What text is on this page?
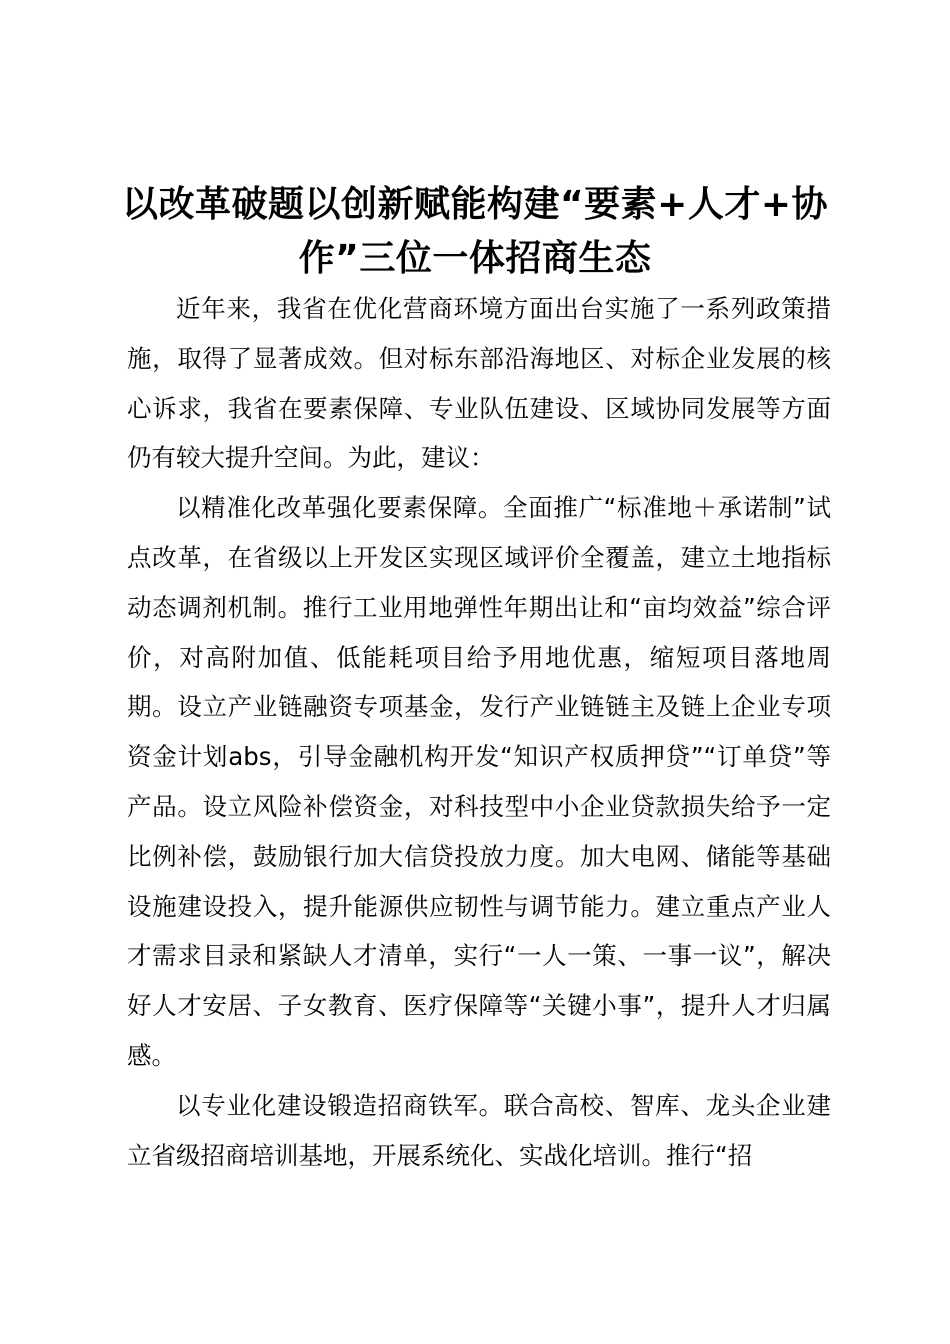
以改革破题以创新赋能构建“要素+人才+协作”三位一体招商生态

近年来，我省在优化营商环境方面出台实施了一系列政策措施，取得了显著成效。但对标东部沿海地区、对标企业发展的核心诉求，我省在要素保障、专业队伍建设、区域协同发展等方面仍有较大提升空间。为此，建议：

以精准化改革强化要素保障。全面推广“标准地＋承诺制”试点改革，在省级以上开发区实现区域评价全覆盖，建立土地指标动态调剂机制。推行工业用地弹性年期出让和“亩均效益”综合评价，对高附加值、低能耗项目给予用地优惠，缩短项目落地周期。设立产业链融资专项基金，发行产业链链主及链上企业专项资金计划abs，引导金融机构开发“知识产权质押贷”“订单贷”等产品。设立风险补偿资金，对科技型中小企业贷款损失给予一定比例补偿，鼓励银行加大信贷投放力度。加大电网、储能等基础设施建设投入，提升能源供应韧性与调节能力。建立重点产业人才需求目录和紧缺人才清单，实行“一人一策、一事一议”，解决好人才安居、子女教育、医疗保障等“关键小事”，提升人才归属感。

以专业化建设锻造招商铁军。联合高校、智库、龙头企业建立省级招商培训基地，开展系统化、实战化培训。推行“招
